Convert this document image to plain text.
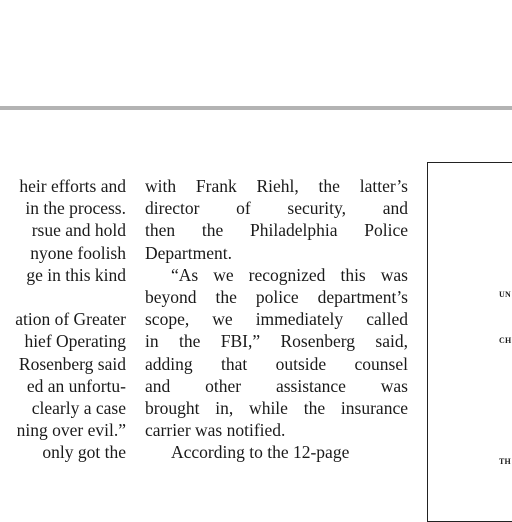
heir efforts and
in the process.
rsue and hold
nyone foolish
ge in this kind
ation of Greater
hief Operating
Rosenberg said
ed an unfortu-
clearly a case
ning over evil.”
only got the
with Frank Riehl, the latter’s
director of security, and
then the Philadelphia Police
Department.
“As we recognized this was
beyond the police department’s
scope, we immediately called
in the FBI,” Rosenberg said,
adding that outside counsel
and other assistance was
brought in, while the insurance
carrier was notified.
According to the 12-page
UN
CH
TH
